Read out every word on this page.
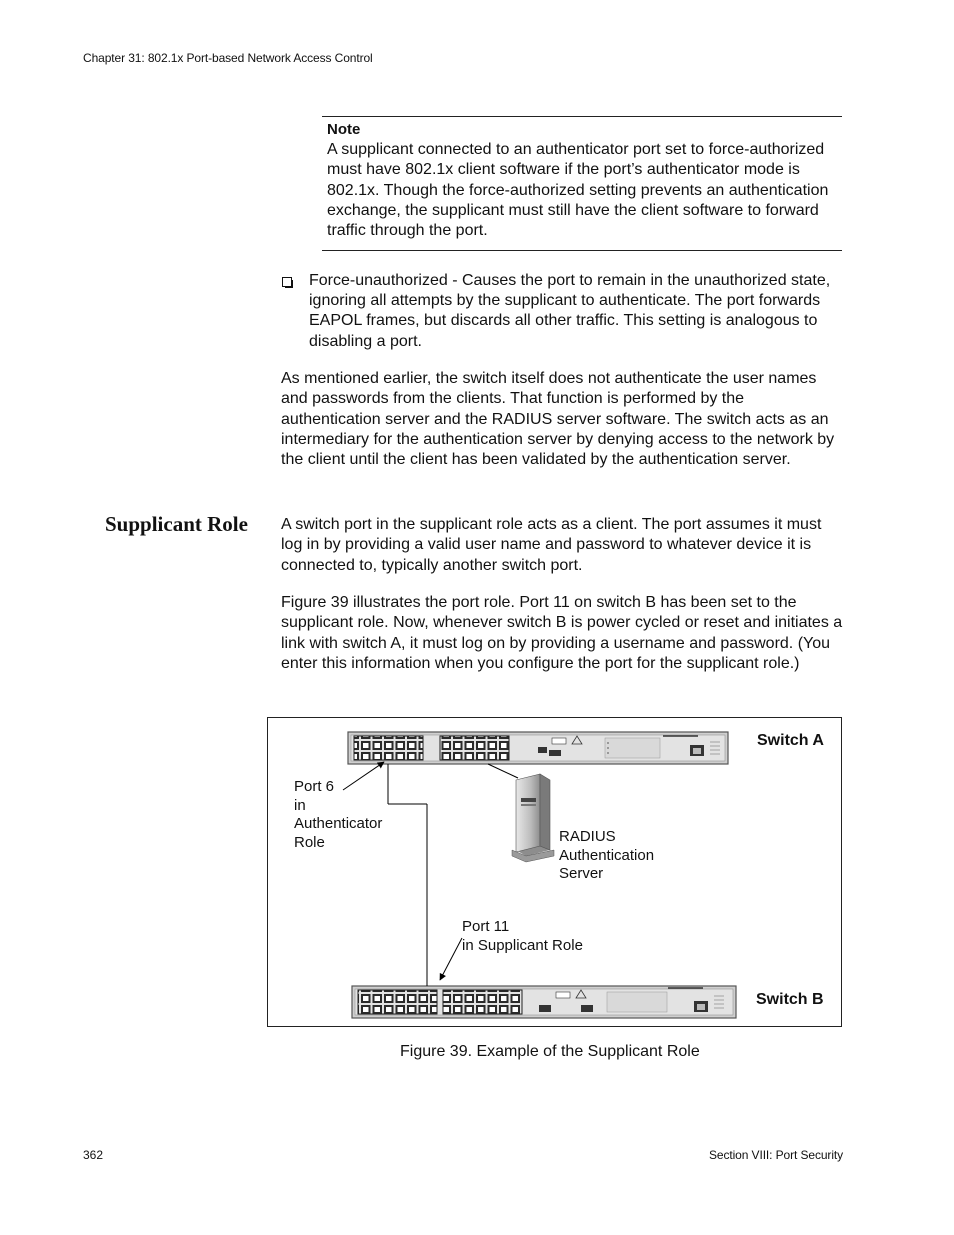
Chapter 31: 802.1x Port-based Network Access Control
Note
A supplicant connected to an authenticator port set to force-authorized must have 802.1x client software if the port’s authenticator mode is 802.1x. Though the force-authorized setting prevents an authentication exchange, the supplicant must still have the client software to forward traffic through the port.
Force-unauthorized - Causes the port to remain in the unauthorized state, ignoring all attempts by the supplicant to authenticate. The port forwards EAPOL frames, but discards all other traffic. This setting is analogous to disabling a port.
As mentioned earlier, the switch itself does not authenticate the user names and passwords from the clients. That function is performed by the authentication server and the RADIUS server software. The switch acts as an intermediary for the authentication server by denying access to the network by the client until the client has been validated by the authentication server.
Supplicant Role A switch port in the supplicant role acts as a client. The port assumes it must log in by providing a valid user name and password to whatever device it is connected to, typically another switch port.
Figure 39 illustrates the port role. Port 11 on switch B has been set to the supplicant role. Now, whenever switch B is power cycled or reset and initiates a link with switch A, it must log on by providing a username and password. (You enter this information when you configure the port for the supplicant role.)
Switch A
Switch B
Port 6
in
Authenticator
Role	RADIUS
Authentication
Server
Port 11
in Supplicant Role
Figure 39. Example of the Supplicant Role
362	Section VIII: Port Security
